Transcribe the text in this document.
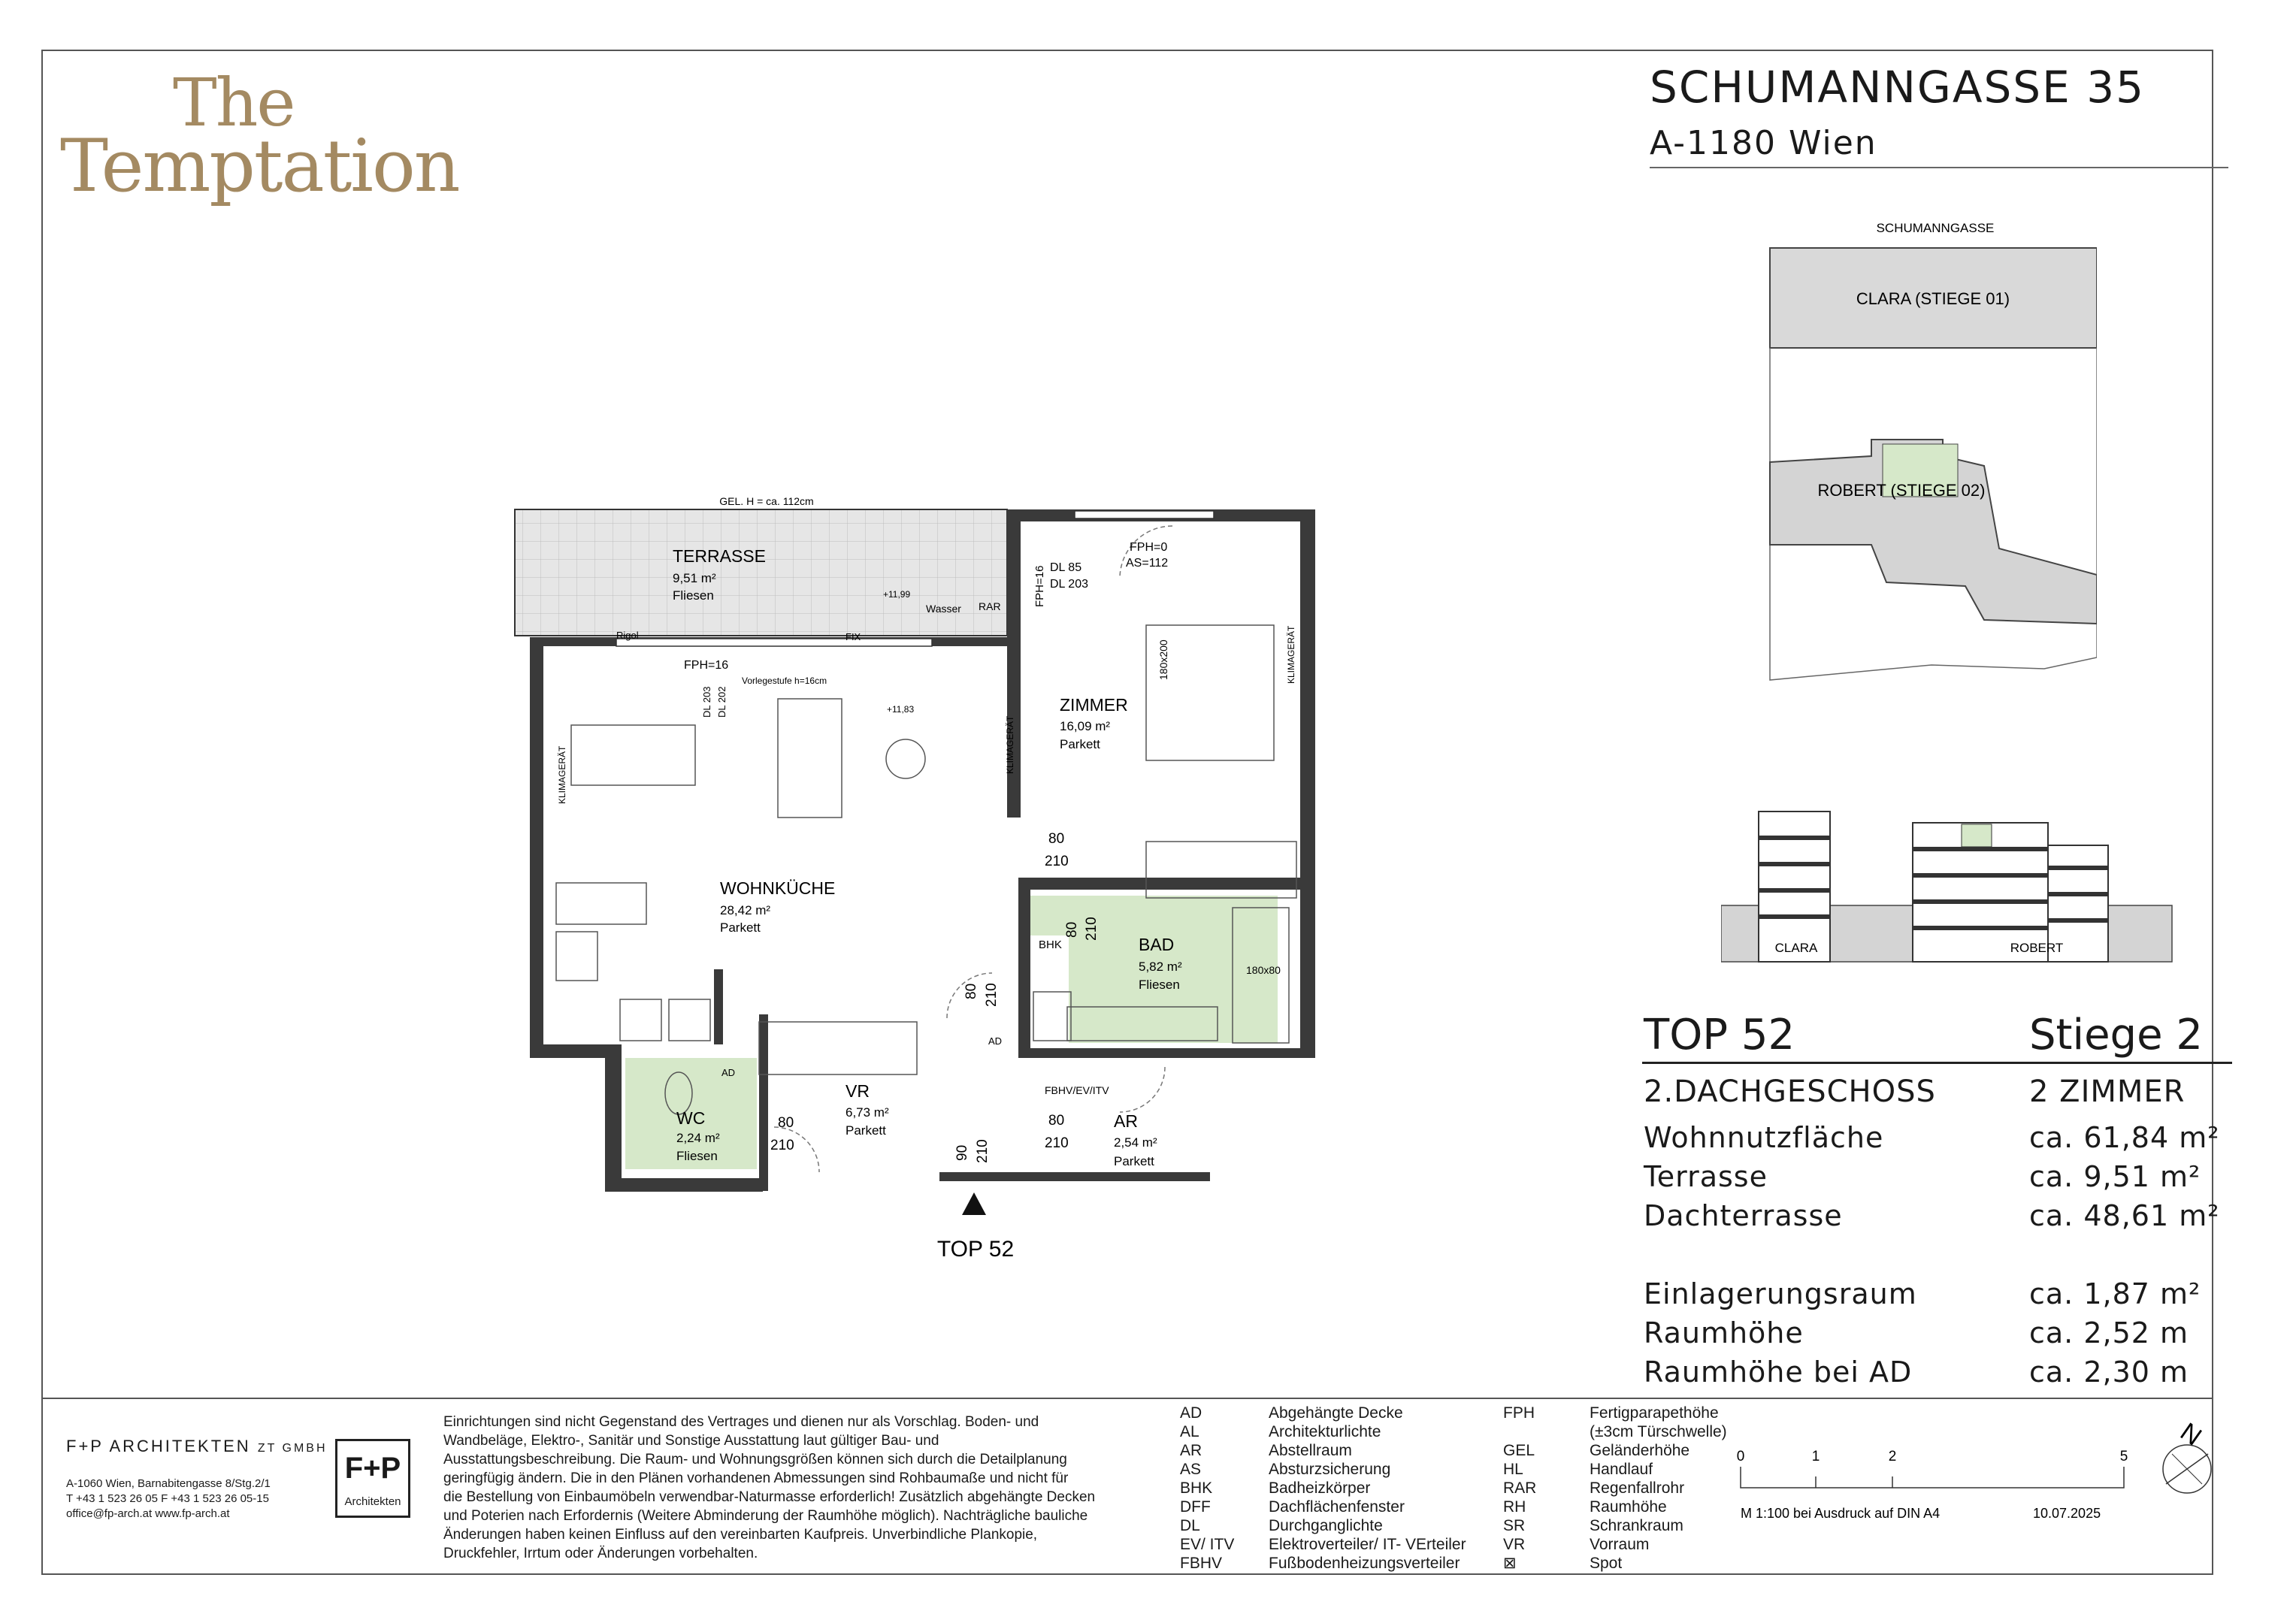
The
Temptation
SCHUMANNGASSE 35
A-1180 Wien
SCHUMANNGASSE
CLARA (STIEGE 01)
ROBERT (STIEGE 02)
CLARA	ROBERT
TOP 52	Stiege 2
2.DACHGESCHOSS	2 ZIMMER
Wohnnutzfläche	ca. 61,84 m²
Terrasse	ca. 9,51 m²
Dachterrasse	ca. 48,61 m²
Einlagerungsraum	ca. 1,87 m²
Raumhöhe	ca. 2,52 m
Raumhöhe bei AD	ca. 2,30 m
GEL. H = ca. 112cm
TERRASSE
9,51 m²
Fliesen	+11,99
Wasser RAR
Rigol	FIX
FPH=16
Vorlegestufe h=16cm
DL 203 DL 202	+11,83
KLIMAGERÄT
KLIMAGERÄT
KLIMAGERÄT
FPH=16 DL 85
DL 203
FPH=0
AS=112
180x200
WOHNKÜCHE
28,42 m²
Parkett
ZIMMER
16,09 m²
Parkett
BAD
5,82 m²
Fliesen
180x80
BHK
VR
6,73 m²
Parkett
WC
2,24 m²
Fliesen
AR
2,54 m²
Parkett
FBHV/EV/ITV
AD
AD
80
210
80
210
80
210
80 210
80 210
90 210
TOP 52
F+P ARCHITEKTEN ZT GMBH
A-1060 Wien, Barnabitengasse 8/Stg.2/1
T +43 1 523 26 05 F +43 1 523 26 05-15
office@fp-arch.at www.fp-arch.at
F+P
Architekten
Einrichtungen sind nicht Gegenstand des Vertrages und dienen nur als Vorschlag. Boden- und
Wandbeläge, Elektro-, Sanitär und Sonstige Ausstattung laut gültiger Bau- und
Ausstattungsbeschreibung. Die Raum- und Wohnungsgrößen können sich durch die Detailplanung
geringfügig ändern. Die in den Plänen vorhandenen Abmessungen sind Rohbaumaße und nicht für
die Bestellung von Einbaumöbeln verwendbar-Naturmasse erforderlich! Zusätzlich abgehängte Decken
und Poterien nach Erfordernis (Weitere Abminderung der Raumhöhe möglich). Nachträgliche bauliche
Änderungen haben keinen Einfluss auf den vereinbarten Kaufpreis. Unverbindliche Plankopie,
Druckfehler, Irrtum oder Änderungen vorbehalten.
AD	Abgehängte Decke
AL	Architekturlichte
AR	Abstellraum
AS	Absturzsicherung
BHK	Badheizkörper
DFF	Dachflächenfenster
DL	Durchganglichte
EV/ ITV	Elektroverteiler/ IT- VErteiler
FBHV	Fußbodenheizungsverteiler
FPH	Fertigparapethöhe
(±3cm Türschwelle)
GEL	Geländerhöhe
HL	Handlauf
RAR	Regenfallrohr
RH	Raumhöhe
SR	Schrankraum
VR	Vorraum
⊠	Spot
0	1	2	5
M 1:100 bei Ausdruck auf DIN A4	10.07.2025
N
